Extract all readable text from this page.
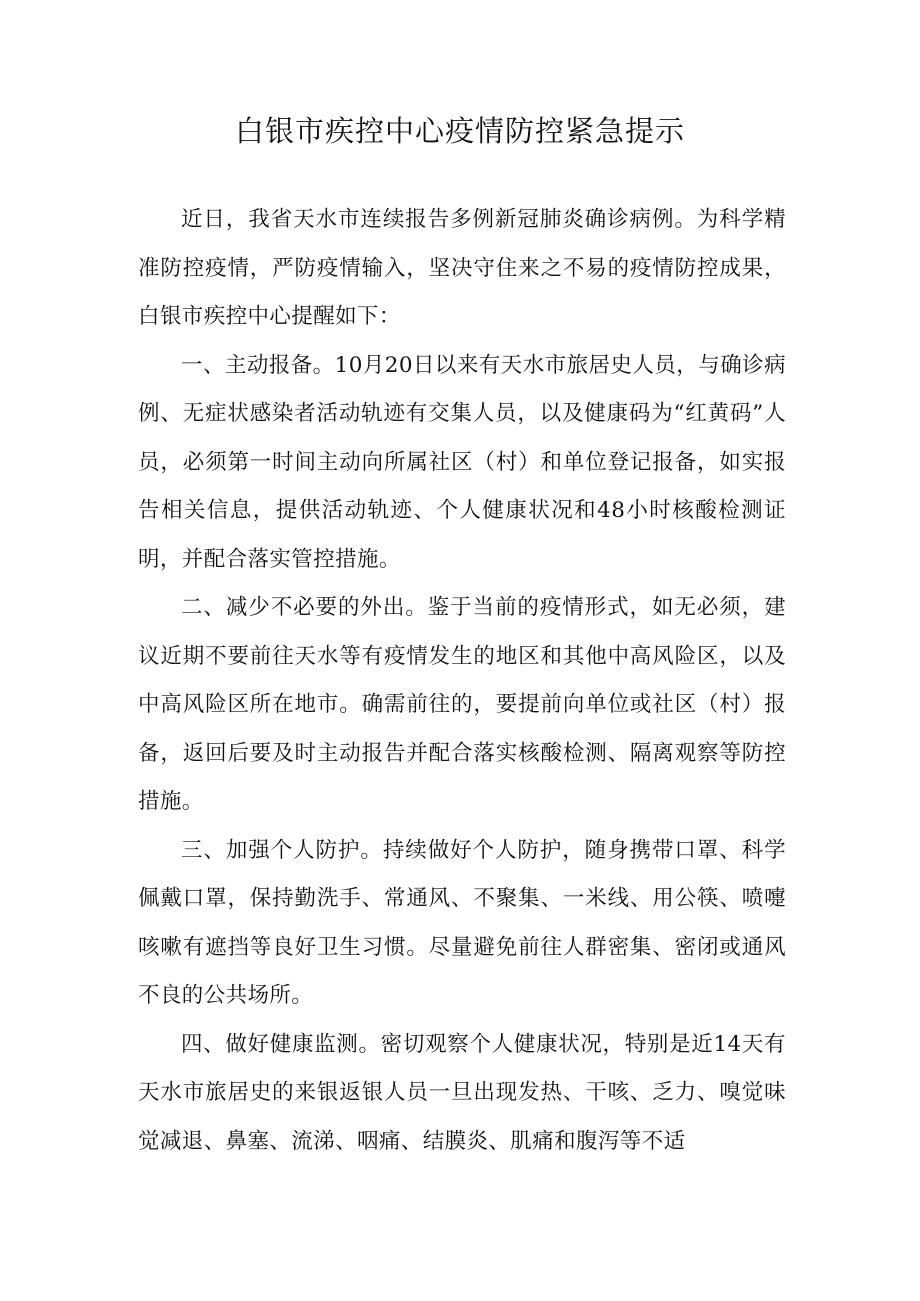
白银市疾控中心疫情防控紧急提示

近日，我省天水市连续报告多例新冠肺炎确诊病例。为科学精准防控疫情，严防疫情输入，坚决守住来之不易的疫情防控成果，白银市疾控中心提醒如下：

一、主动报备。10月20日以来有天水市旅居史人员，与确诊病例、无症状感染者活动轨迹有交集人员，以及健康码为“红黄码”人员，必须第一时间主动向所属社区（村）和单位登记报备，如实报告相关信息，提供活动轨迹、个人健康状况和48小时核酸检测证明，并配合落实管控措施。

二、减少不必要的外出。鉴于当前的疫情形式，如无必须，建议近期不要前往天水等有疫情发生的地区和其他中高风险区，以及中高风险区所在地市。确需前往的，要提前向单位或社区（村）报备，返回后要及时主动报告并配合落实核酸检测、隔离观察等防控措施。

三、加强个人防护。持续做好个人防护，随身携带口罩、科学佩戴口罩，保持勤洗手、常通风、不聚集、一米线、用公筷、喷嚏咳嗽有遮挡等良好卫生习惯。尽量避免前往人群密集、密闭或通风不良的公共场所。

四、做好健康监测。密切观察个人健康状况，特别是近14天有天水市旅居史的来银返银人员一旦出现发热、干咳、乏力、嗅觉味觉减退、鼻塞、流涕、咽痛、结膜炎、肌痛和腹泻等不适
